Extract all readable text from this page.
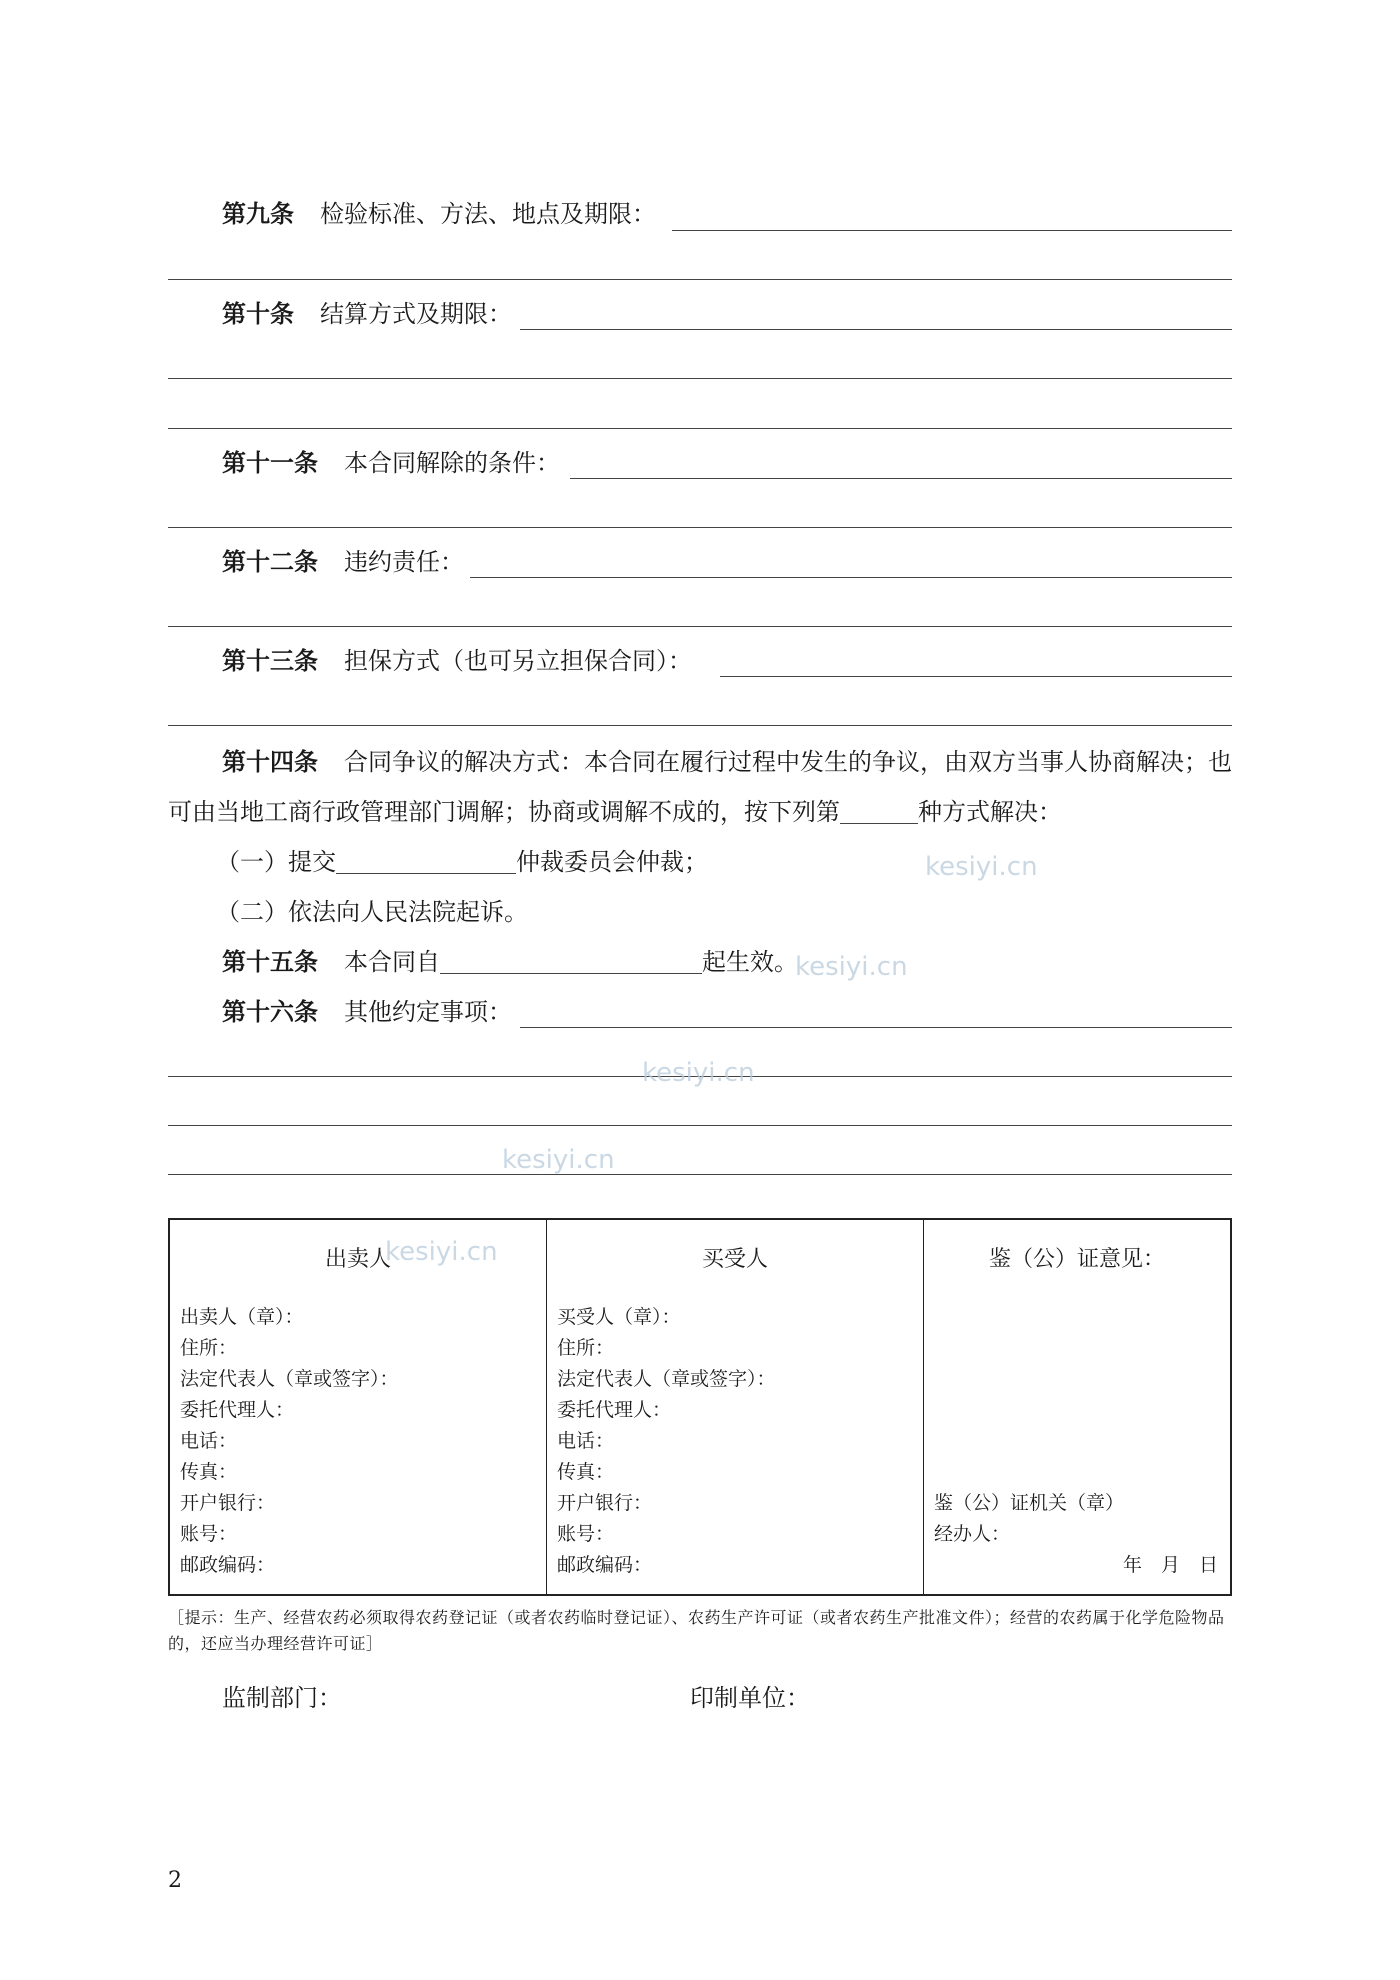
第九条 检验标准、方法、地点及期限：
第十条 结算方式及期限：
第十一条 本合同解除的条件：
第十二条 违约责任：
第十三条 担保方式（也可另立担保合同）：
第十四条 合同争议的解决方式：本合同在履行过程中发生的争议，由双方当事人协商解决；也可由当地工商行政管理部门调解；协商或调解不成的，按下列第	种方式解决：
（一）提交	仲裁委员会仲裁；
（二）依法向人民法院起诉。
第十五条 本合同自	起生效。
第十六条 其他约定事项：
出卖人
出卖人（章）：
住所：
法定代表人（章或签字）：
委托代理人：
电话：
传真：
开户银行：
账号：
邮政编码：

买受人
买受人（章）：
住所：
法定代表人（章或签字）：
委托代理人：
电话：
传真：
开户银行：
账号：
邮政编码：

鉴（公）证意见：
鉴（公）证机关（章）
经办人：
年　月　日
［提示：生产、经营农药必须取得农药登记证（或者农药临时登记证）、农药生产许可证（或者农药生产批准文件）；经营的农药属于化学危险物品的，还应当办理经营许可证］
监制部门：	印制单位：
2
kesiyi.cn
kesiyi.cn
kesiyi.cn
kesiyi.cn
kesiyi.cn
